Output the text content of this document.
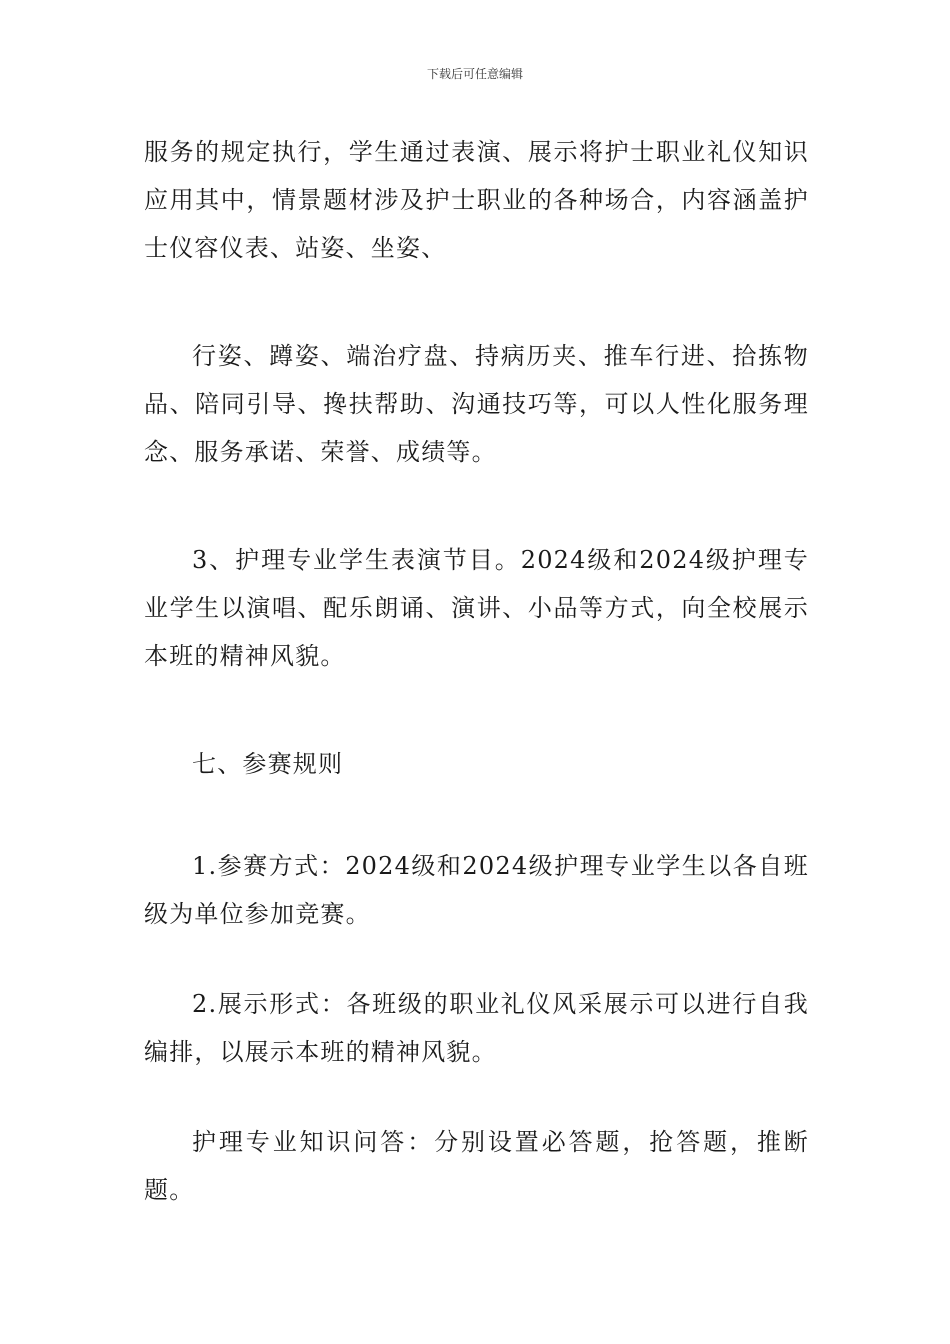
下载后可任意编辑

服务的规定执行，学生通过表演、展示将护士职业礼仪知识应用其中，情景题材涉及护士职业的各种场合，内容涵盖护士仪容仪表、站姿、坐姿、

行姿、蹲姿、端治疗盘、持病历夹、推车行进、拾拣物品、陪同引导、搀扶帮助、沟通技巧等，可以人性化服务理念、服务承诺、荣誉、成绩等。

3、护理专业学生表演节目。2024级和2024级护理专业学生以演唱、配乐朗诵、演讲、小品等方式，向全校展示本班的精神风貌。

七、参赛规则

1.参赛方式：2024级和2024级护理专业学生以各自班级为单位参加竞赛。

2.展示形式：各班级的职业礼仪风采展示可以进行自我编排，以展示本班的精神风貌。

护理专业知识问答：分别设置必答题，抢答题，推断题。
